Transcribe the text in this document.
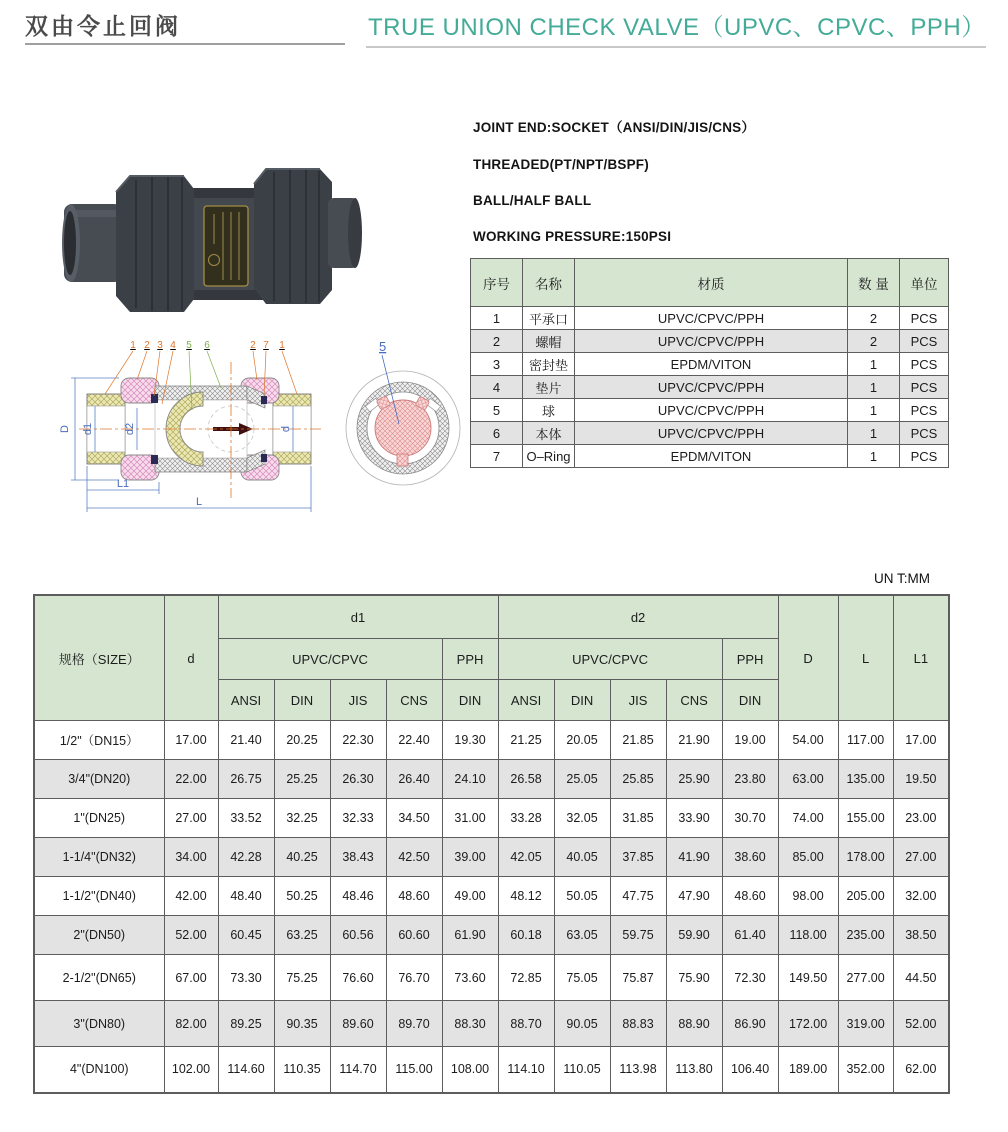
双由令止回阀	TRUE UNION CHECK VALVE（UPVC、CPVC、PPH）

JOINT END:SOCKET（ANSI/DIN/JIS/CNS）

THREADED(PT/NPT/BSPF)

BALL/HALF BALL

WORKING PRESSURE:150PSI

序号	名称	材质	数 量	单位
1	平承口	UPVC/CPVC/PPH	2	PCS
2	螺帽	UPVC/CPVC/PPH	2	PCS
3	密封垫	EPDM/VITON	1	PCS
4	垫片	UPVC/CPVC/PPH	1	PCS
5	球	UPVC/CPVC/PPH	1	PCS
6	本体	UPVC/CPVC/PPH	1	PCS
7	O–Ring	EPDM/VITON	1	PCS
D d1	d2	d
L1
L
1 2 3 4 5 6	2 7 1	5
UN T:MM
规格（SIZE）	d	d1					d2					D	L	L1
		UPVC/CPVC				PPH	UPVC/CPVC				PPH			
		ANSI	DIN	JIS	CNS	DIN	ANSI	DIN	JIS	CNS	DIN			
1/2"（DN15）	17.00	21.40	20.25	22.30	22.40	19.30	21.25	20.05	21.85	21.90	19.00	54.00	117.00	17.00
3/4"(DN20)	22.00	26.75	25.25	26.30	26.40	24.10	26.58	25.05	25.85	25.90	23.80	63.00	135.00	19.50
1"(DN25)	27.00	33.52	32.25	32.33	34.50	31.00	33.28	32.05	31.85	33.90	30.70	74.00	155.00	23.00
1-1/4"(DN32)	34.00	42.28	40.25	38.43	42.50	39.00	42.05	40.05	37.85	41.90	38.60	85.00	178.00	27.00
1-1/2"(DN40)	42.00	48.40	50.25	48.46	48.60	49.00	48.12	50.05	47.75	47.90	48.60	98.00	205.00	32.00
2"(DN50)	52.00	60.45	63.25	60.56	60.60	61.90	60.18	63.05	59.75	59.90	61.40	118.00	235.00	38.50
2-1/2"(DN65)	67.00	73.30	75.25	76.60	76.70	73.60	72.85	75.05	75.87	75.90	72.30	149.50	277.00	44.50
3"(DN80)	82.00	89.25	90.35	89.60	89.70	88.30	88.70	90.05	88.83	88.90	86.90	172.00	319.00	52.00
4"(DN100)	102.00	114.60	110.35	114.70	115.00	108.00	114.10	110.05	113.98	113.80	106.40	189.00	352.00	62.00
